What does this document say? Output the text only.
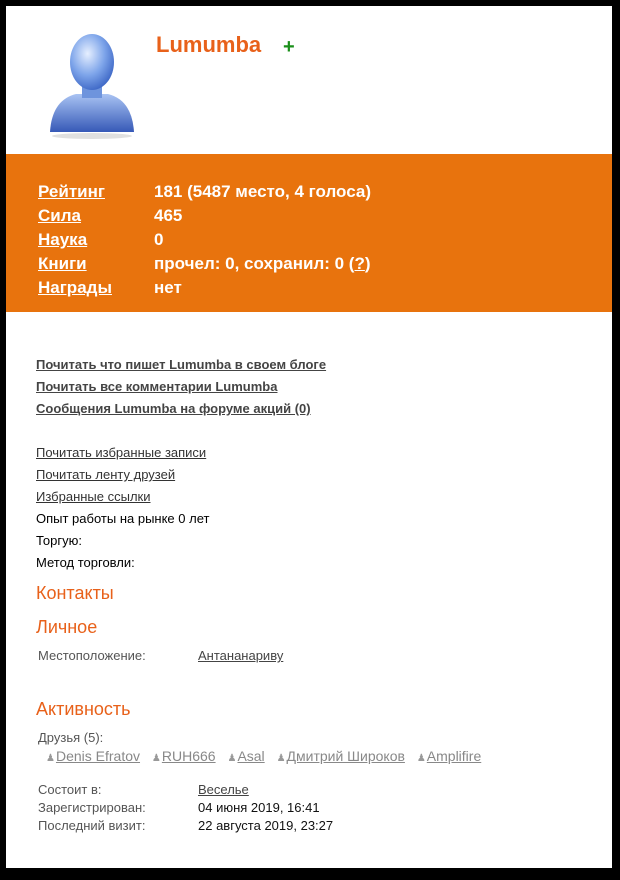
Lumumba +
Рейтинг	181 (5487 место, 4 голоса)
Сила	465
Наука	0
Книги	прочел: 0, сохранил: 0 (?)
Награды нет
Почитать что пишет Lumumba в своем блоге
Почитать все комментарии Lumumba
Сообщения Lumumba на форуме акций (0)
Почитать избранные записи
Почитать ленту друзей
Избранные ссылки
Опыт работы на рынке 0 лет
Торгую:
Метод торговли:
Контакты
Личное
Местоположение:	Антананариву
Активность
Друзья (5):
♟Denis Efratov ♟RUH666 ♟Asal ♟Дмитрий Широков ♟Amplifire
Состоит в:	Веселье
Зарегистрирован:	04 июня 2019, 16:41
Последний визит:	22 августа 2019, 23:27
